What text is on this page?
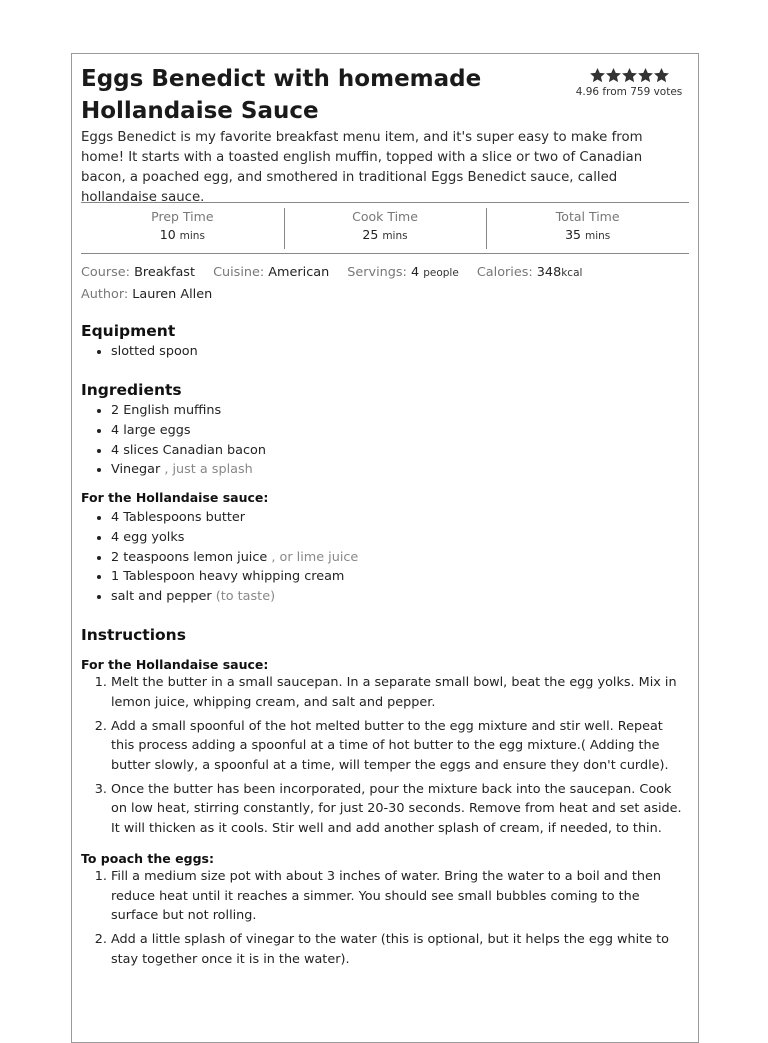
Eggs Benedict with homemade
Hollandaise Sauce
4.96 from 759 votes

Eggs Benedict is my favorite breakfast menu item, and it's super easy to make from home! It starts with a toasted english muffin, topped with a slice or two of Canadian bacon, a poached egg, and smothered in traditional Eggs Benedict sauce, called hollandaise sauce.

Prep Time
10 mins
Cook Time
25 mins
Total Time
35 mins
Course: Breakfast Cuisine: American Servings: 4 people Calories: 348kcal
Author: Lauren Allen
Equipment
• slotted spoon
Ingredients
• 2 English muffins
• 4 large eggs
• 4 slices Canadian bacon
• Vinegar , just a splash
For the Hollandaise sauce:
• 4 Tablespoons butter
• 4 egg yolks
• 2 teaspoons lemon juice , or lime juice
• 1 Tablespoon heavy whipping cream
• salt and pepper (to taste)
Instructions
For the Hollandaise sauce:
1. Melt the butter in a small saucepan. In a separate small bowl, beat the egg yolks. Mix in lemon juice, whipping cream, and salt and pepper.
2. Add a small spoonful of the hot melted butter to the egg mixture and stir well. Repeat this process adding a spoonful at a time of hot butter to the egg mixture.( Adding the butter slowly, a spoonful at a time, will temper the eggs and ensure they don't curdle).
3. Once the butter has been incorporated, pour the mixture back into the saucepan. Cook on low heat, stirring constantly, for just 20-30 seconds. Remove from heat and set aside. It will thicken as it cools. Stir well and add another splash of cream, if needed, to thin.
To poach the eggs:
1. Fill a medium size pot with about 3 inches of water. Bring the water to a boil and then reduce heat until it reaches a simmer. You should see small bubbles coming to the surface but not rolling.
2. Add a little splash of vinegar to the water (this is optional, but it helps the egg white to stay together once it is in the water).
